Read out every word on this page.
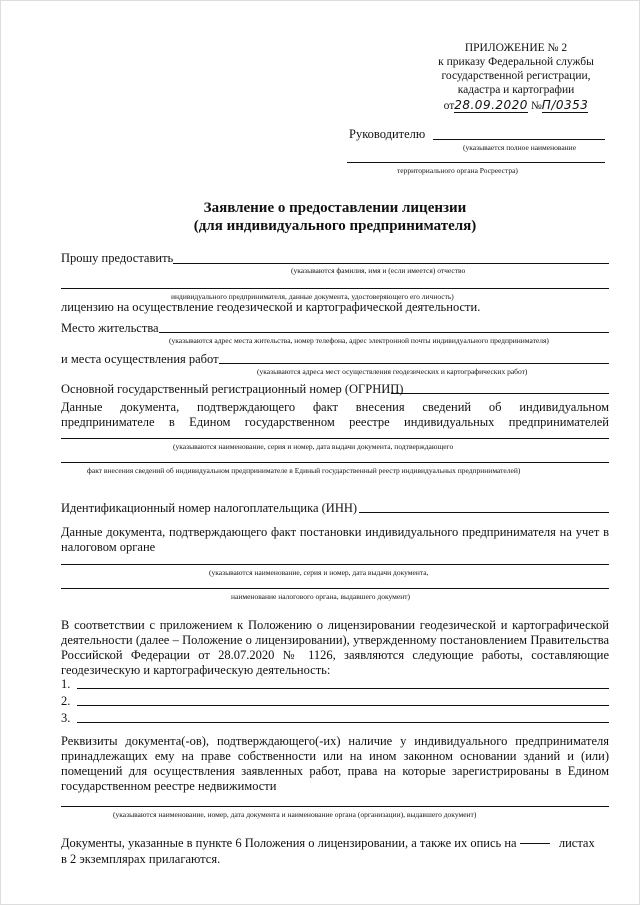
ПРИЛОЖЕНИЕ № 2
к приказу Федеральной службы
государственной регистрации,
кадастра и картографии
от28.09.2020 №П/0353
Руководителю
(указывается полное наименование
территориального органа Росреестра)
Заявление о предоставлении лицензии
(для индивидуального предпринимателя)
Прошу предоставить
(указываются фамилия, имя и (если имеется) отчество
индивидуального предпринимателя, данные документа, удостоверяющего его личность)
лицензию на осуществление геодезической и картографической деятельности.
Место жительства
(указываются адрес места жительства, номер телефона, адрес электронной почты индивидуального предпринимателя)
и места осуществления работ
(указываются адреса мест осуществления геодезических и картографических работ)
Основной государственный регистрационный номер (ОГРНИП)
Данные документа, подтверждающего факт внесения сведений об индивидуальном
предпринимателе в Едином государственном реестре индивидуальных предпринимателей
(указываются наименование, серия и номер, дата выдачи документа, подтверждающего
факт внесения сведений об индивидуальном предпринимателе в Единый государственный реестр индивидуальных предпринимателей)
Идентификационный номер налогоплательщика (ИНН)
Данные документа, подтверждающего факт постановки индивидуального предпринимателя на учет в налоговом органе
(указываются наименование, серия и номер, дата выдачи документа,
наименование налогового органа, выдавшего документ)
В соответствии с приложением к Положению о лицензировании геодезической и картографической деятельности (далее – Положение о лицензировании), утвержденному постановлением Правительства Российской Федерации от 28.07.2020 № 1126, заявляются следующие работы, составляющие геодезическую и картографическую деятельность:
1.
2.
3.
Реквизиты документа(-ов), подтверждающего(-их) наличие у индивидуального предпринимателя принадлежащих ему на праве собственности или на ином законном основании зданий и (или) помещений для осуществления заявленных работ, права на которые зарегистрированы в Едином государственном реестре недвижимости
(указываются наименование, номер, дата документа и наименование органа (организации), выдавшего документ)
Документы, указанные в пункте 6 Положения о лицензировании, а также их опись на	листах
в 2 экземплярах прилагаются.
